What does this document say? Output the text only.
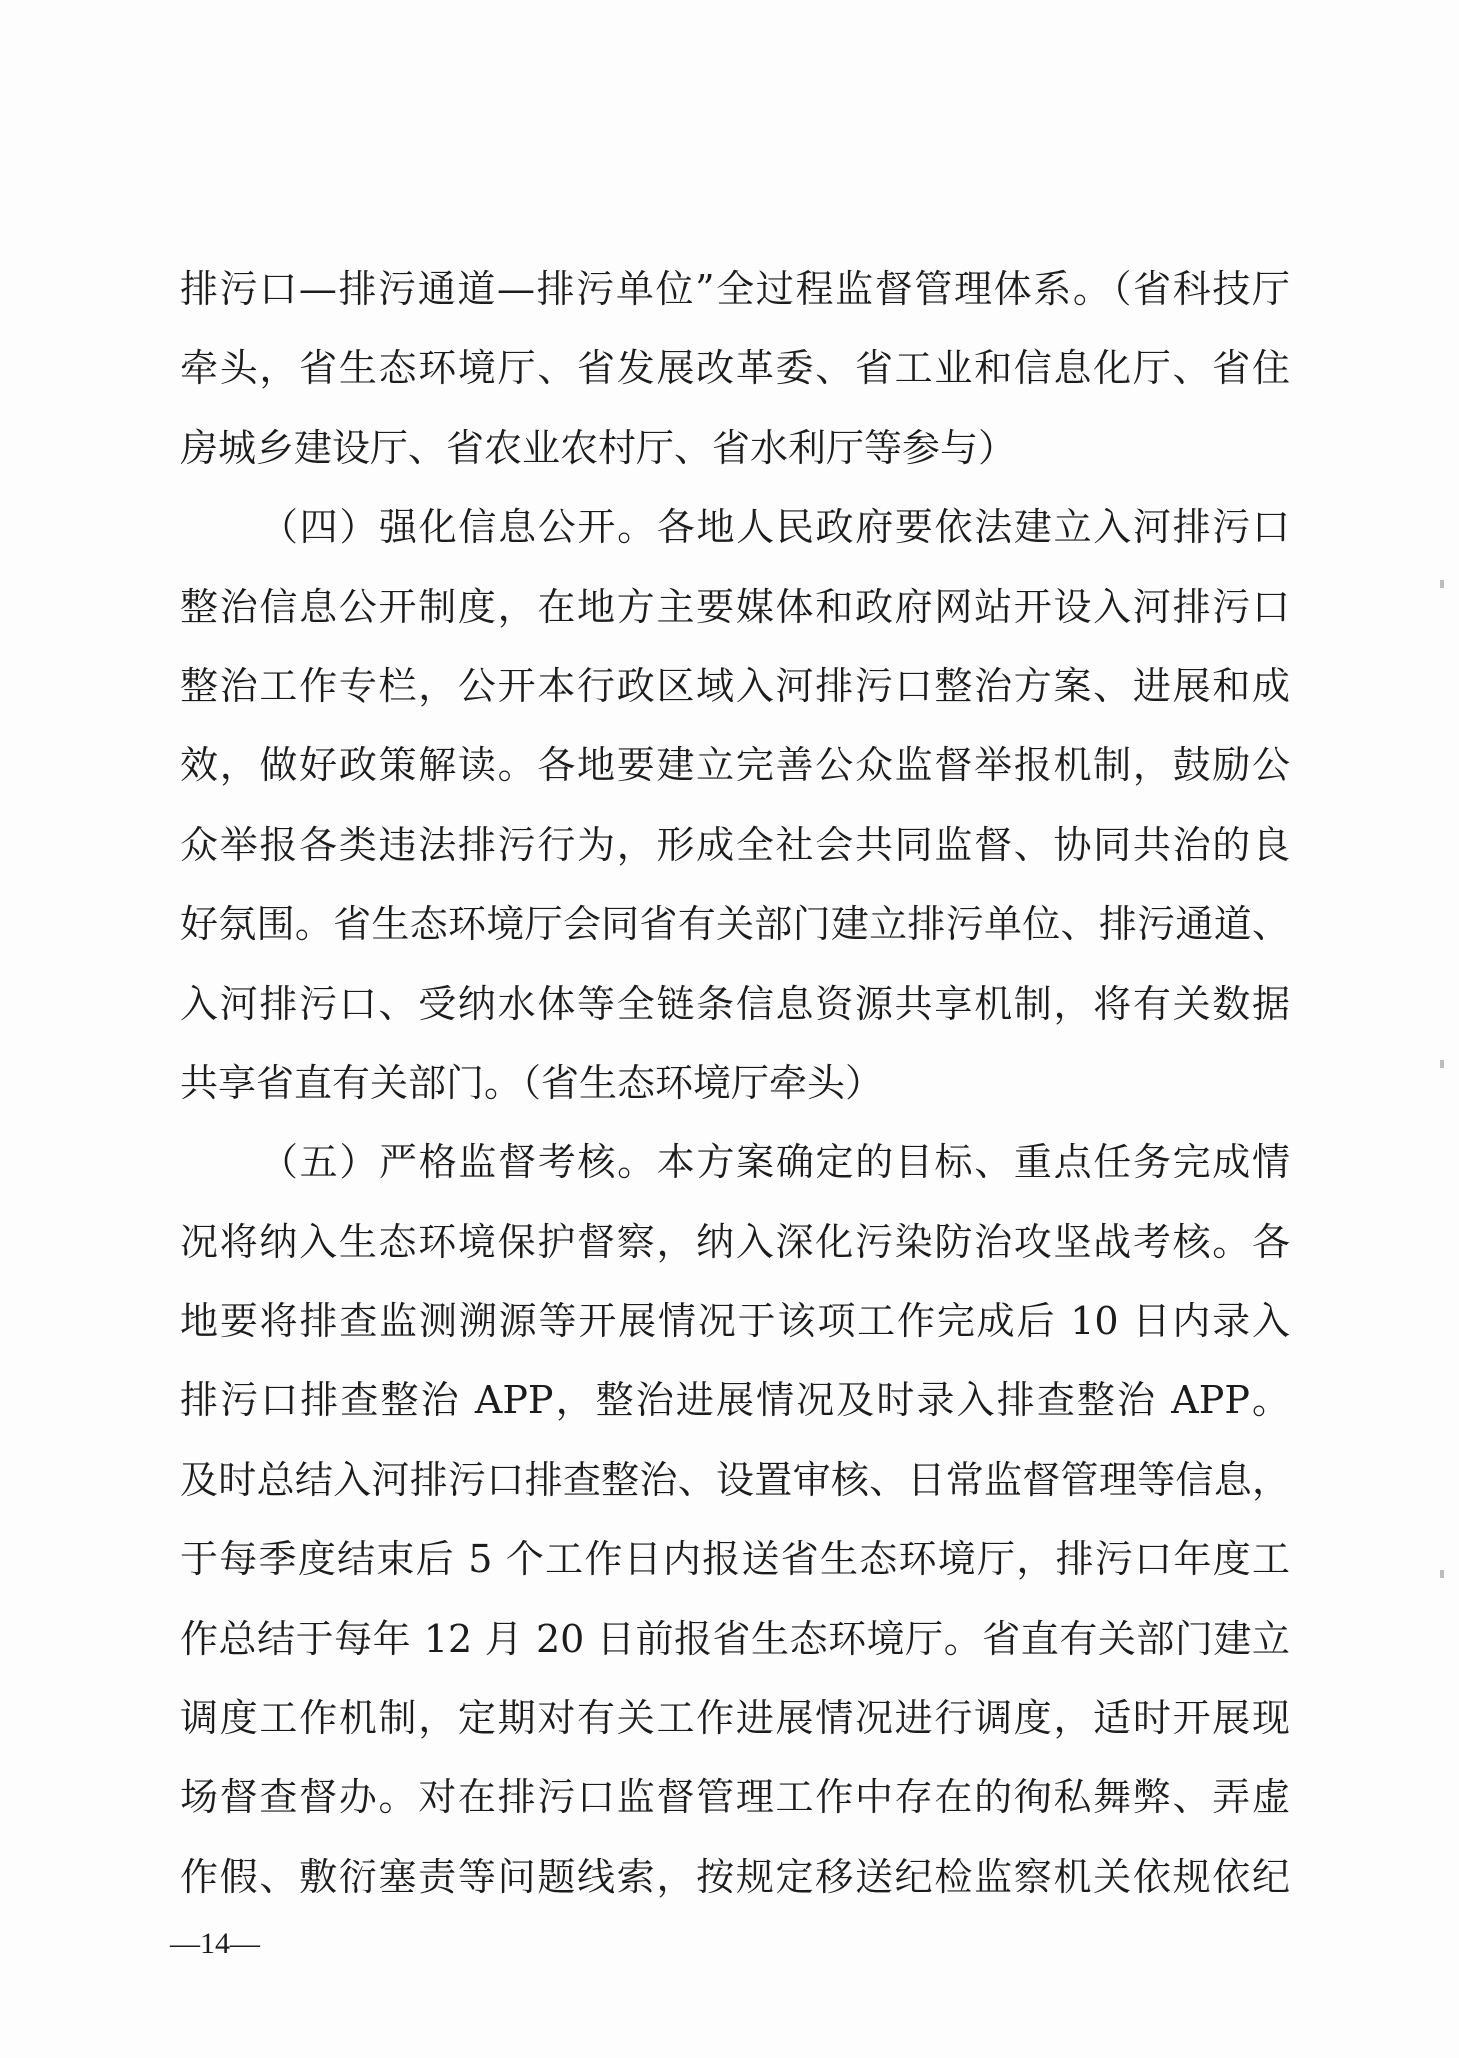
排污口—排污通道—排污单位”全过程监督管理体系。（省科技厅
牵头，省生态环境厅、省发展改革委、省工业和信息化厅、省住
房城乡建设厅、省农业农村厅、省水利厅等参与）
（四）强化信息公开。各地人民政府要依法建立入河排污口
整治信息公开制度，在地方主要媒体和政府网站开设入河排污口
整治工作专栏，公开本行政区域入河排污口整治方案、进展和成
效，做好政策解读。各地要建立完善公众监督举报机制，鼓励公
众举报各类违法排污行为，形成全社会共同监督、协同共治的良
好氛围。省生态环境厅会同省有关部门建立排污单位、排污通道、
入河排污口、受纳水体等全链条信息资源共享机制，将有关数据
共享省直有关部门。（省生态环境厅牵头）
（五）严格监督考核。本方案确定的目标、重点任务完成情
况将纳入生态环境保护督察，纳入深化污染防治攻坚战考核。各
地要将排查监测溯源等开展情况于该项工作完成后 10 日内录入
排污口排查整治 APP，整治进展情况及时录入排查整治 APP。
及时总结入河排污口排查整治、设置审核、日常监督管理等信息，
于每季度结束后 5 个工作日内报送省生态环境厅，排污口年度工
作总结于每年 12 月 20 日前报省生态环境厅。省直有关部门建立
调度工作机制，定期对有关工作进展情况进行调度，适时开展现
场督查督办。对在排污口监督管理工作中存在的徇私舞弊、弄虚
作假、敷衍塞责等问题线索，按规定移送纪检监察机关依规依纪
—14—
